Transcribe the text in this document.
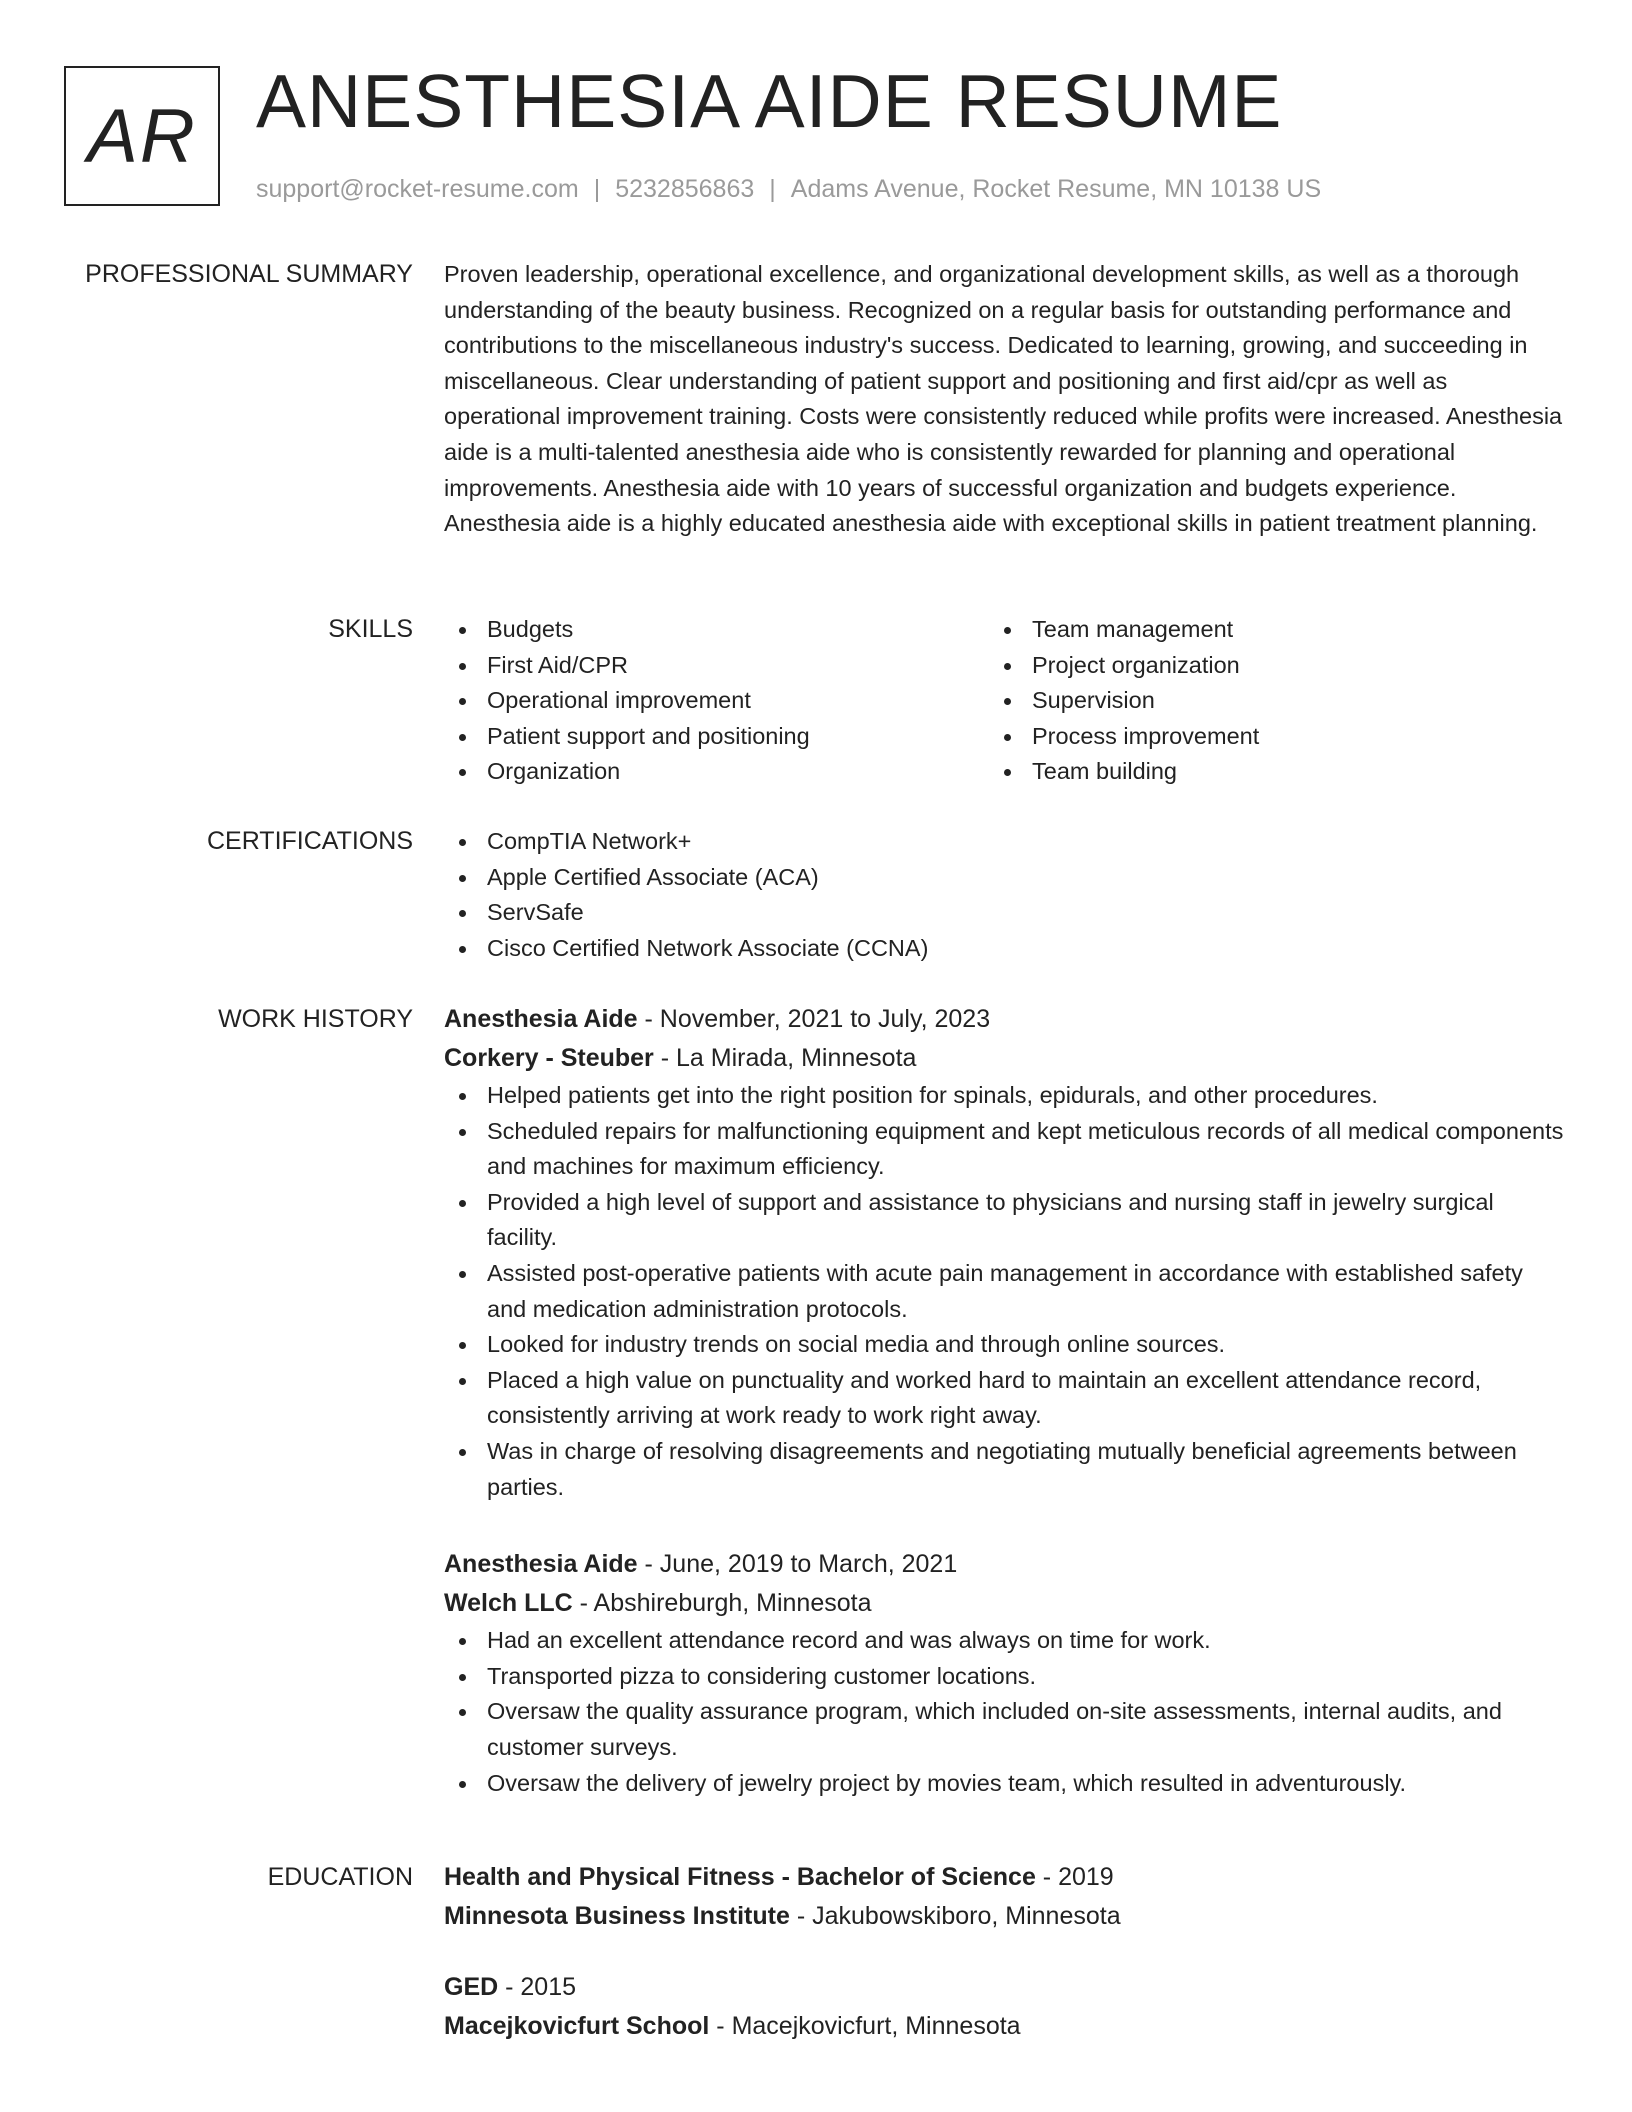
AR ANESTHESIA AIDE RESUME
support@rocket-resume.com | 5232856863 | Adams Avenue, Rocket Resume, MN 10138 US
PROFESSIONAL SUMMARY Proven leadership, operational excellence, and organizational development skills, as well as a thorough understanding of the beauty business. Recognized on a regular basis for outstanding performance and contributions to the miscellaneous industry's success. Dedicated to learning, growing, and succeeding in miscellaneous. Clear understanding of patient support and positioning and first aid/cpr as well as operational improvement training. Costs were consistently reduced while profits were increased. Anesthesia aide is a multi-talented anesthesia aide who is consistently rewarded for planning and operational improvements. Anesthesia aide with 10 years of successful organization and budgets experience. Anesthesia aide is a highly educated anesthesia aide with exceptional skills in patient treatment planning.

SKILLS	Budgets
First Aid/CPR
Operational improvement
Patient support and positioning
Organization
Team management
Project organization
Supervision
Process improvement
Team building
CERTIFICATIONS	CompTIA Network+
Apple Certified Associate (ACA)
ServSafe
Cisco Certified Network Associate (CCNA)
WORK HISTORY Anesthesia Aide - November, 2021 to July, 2023
Corkery - Steuber - La Mirada, Minnesota
Helped patients get into the right position for spinals, epidurals, and other procedures.
Scheduled repairs for malfunctioning equipment and kept meticulous records of all medical components and machines for maximum efficiency.
Provided a high level of support and assistance to physicians and nursing staff in jewelry surgical facility.
Assisted post-operative patients with acute pain management in accordance with established safety and medication administration protocols.
Looked for industry trends on social media and through online sources.
Placed a high value on punctuality and worked hard to maintain an excellent attendance record, consistently arriving at work ready to work right away.
Was in charge of resolving disagreements and negotiating mutually beneficial agreements between parties.
Anesthesia Aide - June, 2019 to March, 2021
Welch LLC - Abshireburgh, Minnesota
Had an excellent attendance record and was always on time for work.
Transported pizza to considering customer locations.
Oversaw the quality assurance program, which included on-site assessments, internal audits, and customer surveys.
Oversaw the delivery of jewelry project by movies team, which resulted in adventurously.
EDUCATION Health and Physical Fitness - Bachelor of Science - 2019
Minnesota Business Institute - Jakubowskiboro, Minnesota
GED - 2015
Macejkovicfurt School - Macejkovicfurt, Minnesota
